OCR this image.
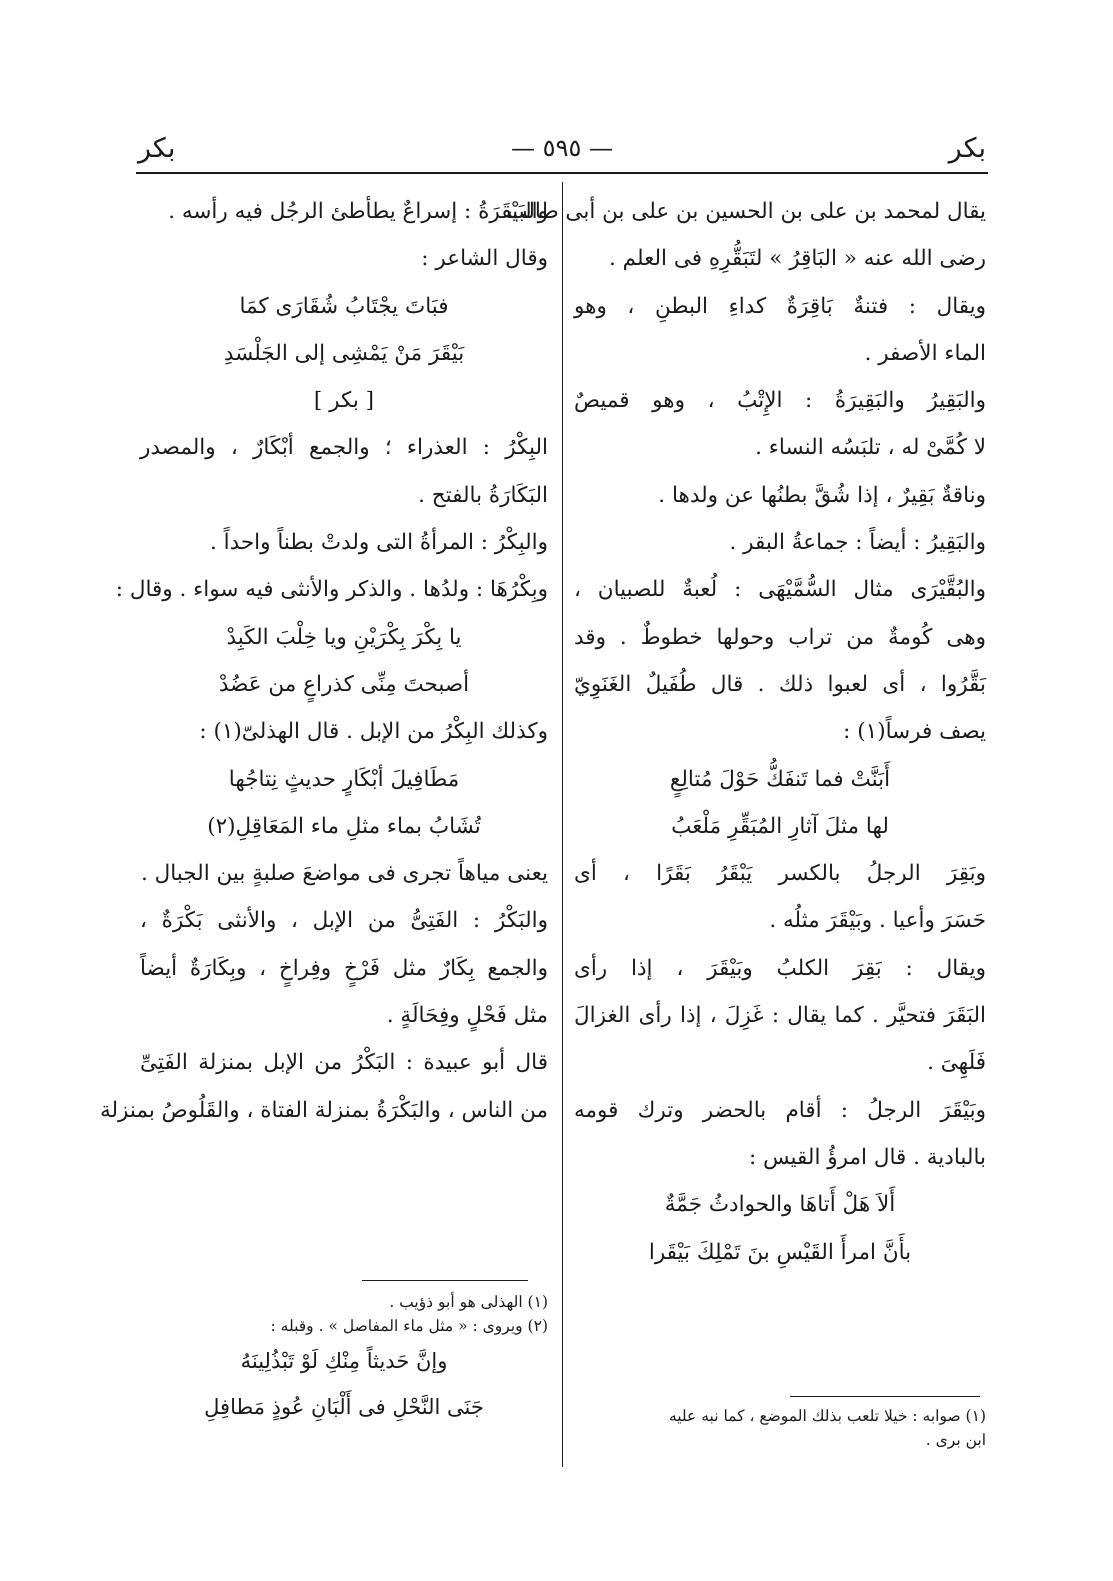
بكر
— ٥٩٥ —
بكر
يقال لمحمد بن على بن الحسين بن على بن أبى طالب
رضى الله عنه « البَاقِرُ » لتَبَقُّرِهِ فى العلم .
ويقال : فتنةٌ بَاقِرَةٌ كداءِ البطنِ ، وهو
الماء الأصفر .
والبَقِيرُ والبَقِيرَةُ : الإِتْبُ ، وهو قميصٌ
لا كُمَّىْ له ، تلبَسُه النساء .
وناقةٌ بَقِيرٌ ، إذا شُقَّ بطنُها عن ولدها .
والبَقِيرُ : أيضاً : جماعةُ البقر .
والبُقَّيْرَى مثال السُّمَّيْهَى : لُعبةٌ للصبيان ،
وهى كُومةٌ من تراب وحولها خطوطٌ . وقد
بَقَّرُوا ، أى لعبوا ذلك . قال طُفَيلٌ الغَنَوِيّ
يصف فرساً(١) :
أَبَنَّتْ فما تَنفَكُّ حَوْلَ مُتالِعٍ
لها مثلَ آثارِ المُبَقِّرِ مَلْعَبُ
وبَقِرَ الرجلُ بالكسر يَبْقَرُ بَقَرًا ، أى
حَسَرَ وأعيا . وبَيْقَرَ مثلُه .
ويقال : بَقِرَ الكلبُ وبَيْقَرَ ، إذا رأى
البَقَرَ فتحيَّر . كما يقال : غَزِلَ ، إذا رأى الغزالَ
فَلَهِىَ .
وبَيْقَرَ الرجلُ : أقام بالحضر وترك قومه
بالبادية . قال امرؤُ القيس :
أَلاَ هَلْ أَتاهَا والحوادثُ جَمَّةٌ
بأَنَّ امرأَ القَيْسِ بنَ تَمْلِكَ بَيْقَرا
(١) صوابه : خيلا تلعب بذلك الموضع ، كما نبه عليه
ابن برى .
والبَيْقَرَةُ : إسراعٌ يطأطئ الرجُل فيه رأسه .
وقال الشاعر :
فبَاتَ يجْتَابُ شُقَارَى كمَا
بَيْقَرَ مَنْ يَمْشِى إلى الجَلْسَدِ
[ بكر ]
البِكْرُ : العذراء ؛ والجمع أبْكَارٌ ، والمصدر
البَكَارَةُ بالفتح .
والبِكْرُ : المرأةُ التى ولدتْ بطناً واحداً .
وبِكْرُهَا : ولدُها . والذكر والأنثى فيه سواء . وقال :
يا بِكْرَ بِكْرَيْنِ ويا خِلْبَ الكَبِدْ
أصبحتَ مِنِّى كذراعٍ من عَضُدْ
وكذلك البِكْرُ من الإبل . قال الهذلىّ(١) :
مَطَافِيلَ أبْكَارٍ حديثٍ نِتاجُها
تُشَابُ بماء مثلِ ماء المَعَاقِلِ(٢)
يعنى مياهاً تجرى فى مواضعَ صلبةٍ بين الجبال .
والبَكْرُ : الفَتِىُّ من الإبل ، والأنثى بَكْرَةٌ ،
والجمع بِكَارٌ مثل فَرْخٍ وفِراخٍ ، وبِكَارَةٌ أيضاً
مثل فَحْلٍ وفِحَالَةٍ .
قال أبو عبيدة : البَكْرُ من الإبل بمنزلة الفَتِىِّ
من الناس ، والبَكْرَةُ بمنزلة الفتاة ، والقَلُوصُ بمنزلة
(١) الهذلى هو أبو ذؤيب .
(٢) ويروى : « مثل ماء المفاصل » . وقبله :
وإنَّ حَديثاً مِنْكِ لَوْ تَبْذُلِينَهُ
جَنَى النَّحْلِ فى أَلْبَانِ عُوذٍ مَطافِلِ
